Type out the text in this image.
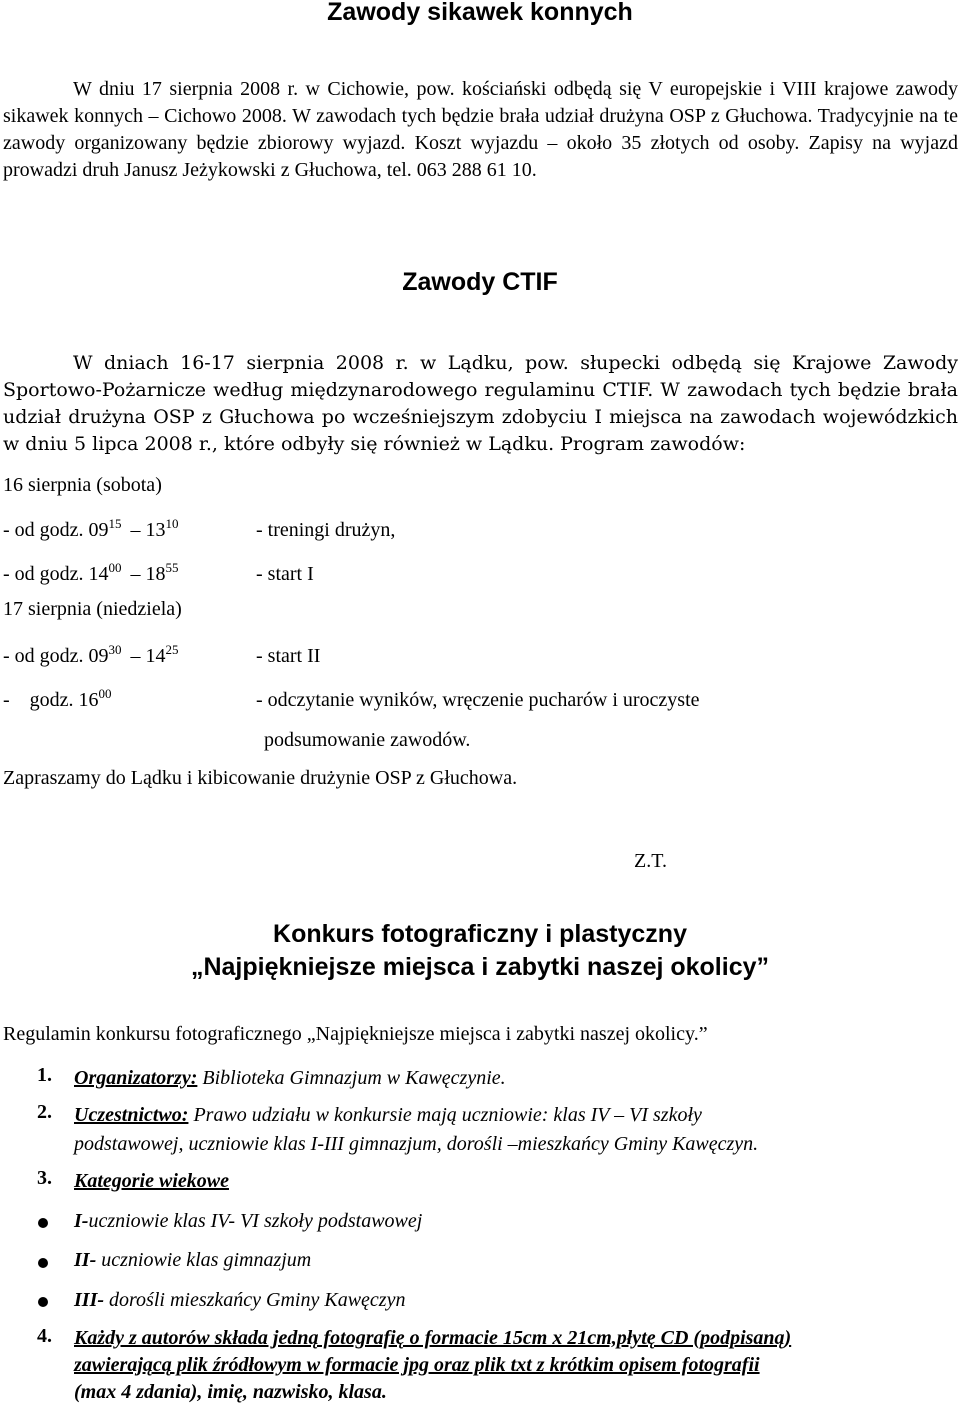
Zawody sikawek konnych

W dniu 17 sierpnia 2008 r. w Cichowie, pow. kościański odbędą się V europejskie i VIII krajowe zawody sikawek konnych – Cichowo 2008. W zawodach tych będzie brała udział drużyna OSP z Głuchowa. Tradycyjnie na te zawody organizowany będzie zbiorowy wyjazd. Koszt wyjazdu – około 35 złotych od osoby. Zapisy na wyjazd prowadzi druh Janusz Jeżykowski z Głuchowa, tel. 063 288 61 10.

Zawody CTIF

W dniach 16-17 sierpnia 2008 r. w Lądku, pow. słupecki odbędą się Krajowe Zawody Sportowo-Pożarnicze według międzynarodowego regulaminu CTIF. W zawodach tych będzie brała udział drużyna OSP z Głuchowa po wcześniejszym zdobyciu I miejsca na zawodach wojewódzkich w dniu 5 lipca 2008 r., które odbyły się również w Lądku. Program zawodów:

16 sierpnia (sobota)
- od godz. $09^{15} - 13^{10}$	- treningi drużyn,
- od godz. $14^{00} - 18^{55}$	- start I
17 sierpnia (niedziela)
- od godz. $09^{30} - 14^{25}$	- start II
-    godz. $16^{00}$	- odczytanie wyników, wręczenie pucharów i uroczyste
podsumowanie zawodów.
Zapraszamy do Lądku i kibicowanie drużynie OSP z Głuchowa.
Z.T.
Konkurs fotograficzny i plastyczny
„Najpiękniejsze miejsca i zabytki naszej okolicy”
Regulamin konkursu fotograficznego „Najpiękniejsze miejsca i zabytki naszej okolicy.”
1. Organizatorzy: Biblioteka Gimnazjum w Kawęczynie.
2. Uczestnictwo: Prawo udziału w konkursie mają uczniowie: klas IV – VI szkoły
podstawowej, uczniowie klas I-III gimnazjum, dorośli –mieszkańcy Gminy Kawęczyn.
3. Kategorie wiekowe
I-uczniowie klas IV- VI szkoły podstawowej
II- uczniowie klas gimnazjum
III- dorośli mieszkańcy Gminy Kawęczyn
4. Każdy z autorów składa jedną fotografię o formacie 15cm x 21cm,płytę CD (podpisaną)
zawierającą plik źródłowym w formacie jpg oraz plik txt z krótkim opisem fotografii
(max 4 zdania), imię, nazwisko, klasa.
